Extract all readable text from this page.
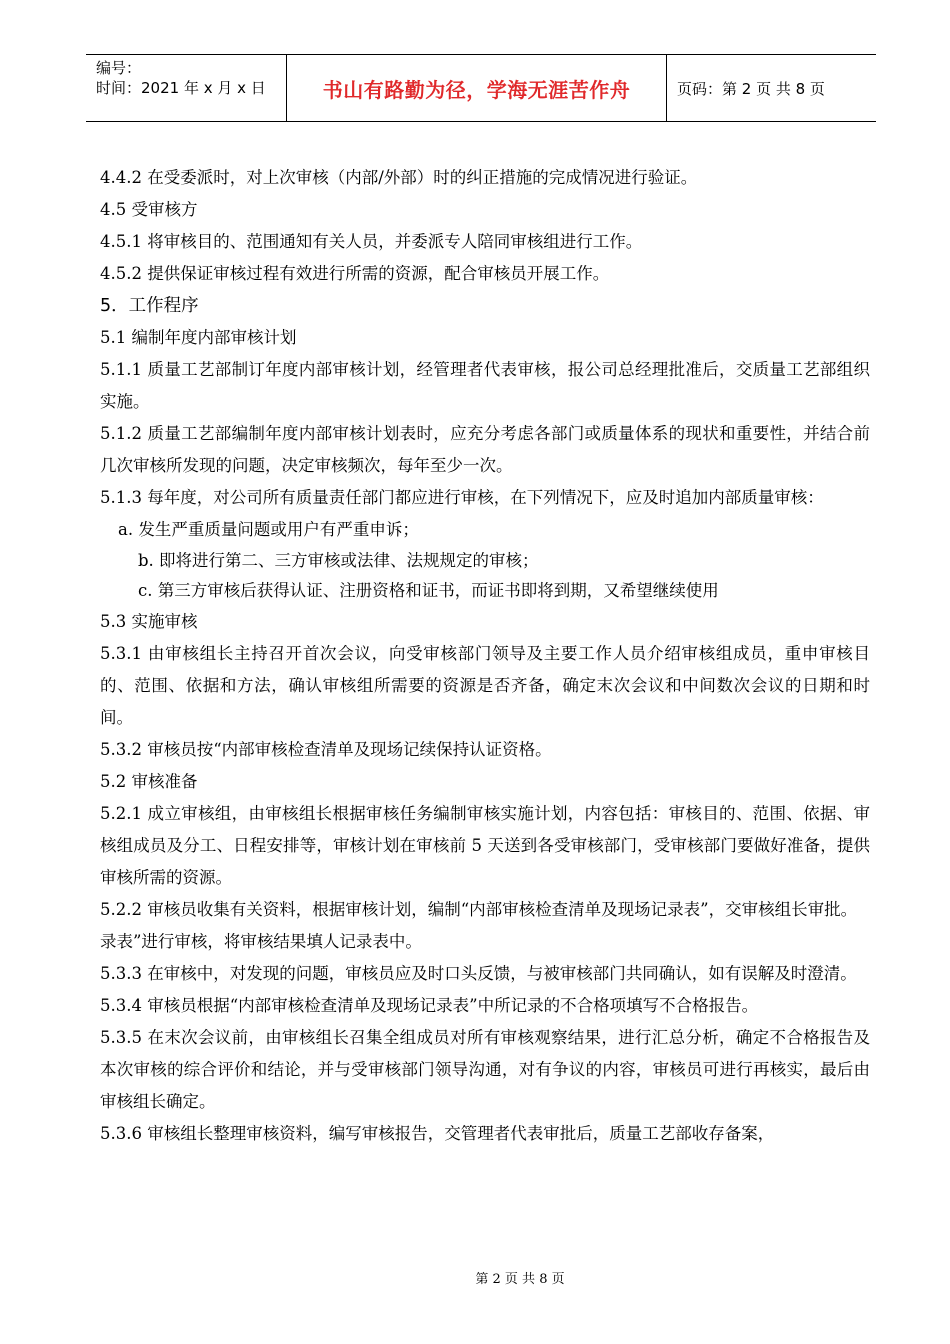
编号：
时间：2021 年 x 月 x 日	书山有路勤为径，学海无涯苦作舟	页码：第 2 页 共 8 页

4.4.2 在受委派时，对上次审核（内部/外部）时的纠正措施的完成情况进行验证。

4.5 受审核方

4.5.1 将审核目的、范围通知有关人员，并委派专人陪同审核组进行工作。

4.5.2 提供保证审核过程有效进行所需的资源，配合审核员开展工作。

5．工作程序

5.1 编制年度内部审核计划

5.1.1 质量工艺部制订年度内部审核计划，经管理者代表审核，报公司总经理批准后，交质量工艺部组织实施。

5.1.2 质量工艺部编制年度内部审核计划表时，应充分考虑各部门或质量体系的现状和重要性，并结合前几次审核所发现的问题，决定审核频次，每年至少一次。

5.1.3 每年度，对公司所有质量责任部门都应进行审核，在下列情况下，应及时追加内部质量审核：

a. 发生严重质量问题或用户有严重申诉；

b. 即将进行第二、三方审核或法律、法规规定的审核；

c. 第三方审核后获得认证、注册资格和证书，而证书即将到期，又希望继续使用

5.3 实施审核

5.3.1 由审核组长主持召开首次会议，向受审核部门领导及主要工作人员介绍审核组成员，重申审核目的、范围、依据和方法，确认审核组所需要的资源是否齐备，确定末次会议和中间数次会议的日期和时间。

5.3.2 审核员按“内部审核检查清单及现场记续保持认证资格。

5.2 审核准备

5.2.1 成立审核组，由审核组长根据审核任务编制审核实施计划，内容包括：审核目的、范围、依据、审核组成员及分工、日程安排等，审核计划在审核前 5 天送到各受审核部门，受审核部门要做好准备，提供审核所需的资源。

5.2.2 审核员收集有关资料，根据审核计划，编制“内部审核检查清单及现场记录表”，交审核组长审批。

录表”进行审核，将审核结果填人记录表中。

5.3.3 在审核中，对发现的问题，审核员应及时口头反馈，与被审核部门共同确认，如有误解及时澄清。

5.3.4 审核员根据“内部审核检查清单及现场记录表”中所记录的不合格项填写不合格报告。

5.3.5 在末次会议前，由审核组长召集全组成员对所有审核观察结果，进行汇总分析，确定不合格报告及本次审核的综合评价和结论，并与受审核部门领导沟通，对有争议的内容，审核员可进行再核实，最后由审核组长确定。

5.3.6 审核组长整理审核资料，编写审核报告，交管理者代表审批后，质量工艺部收存备案，

第 2 页 共 8 页
